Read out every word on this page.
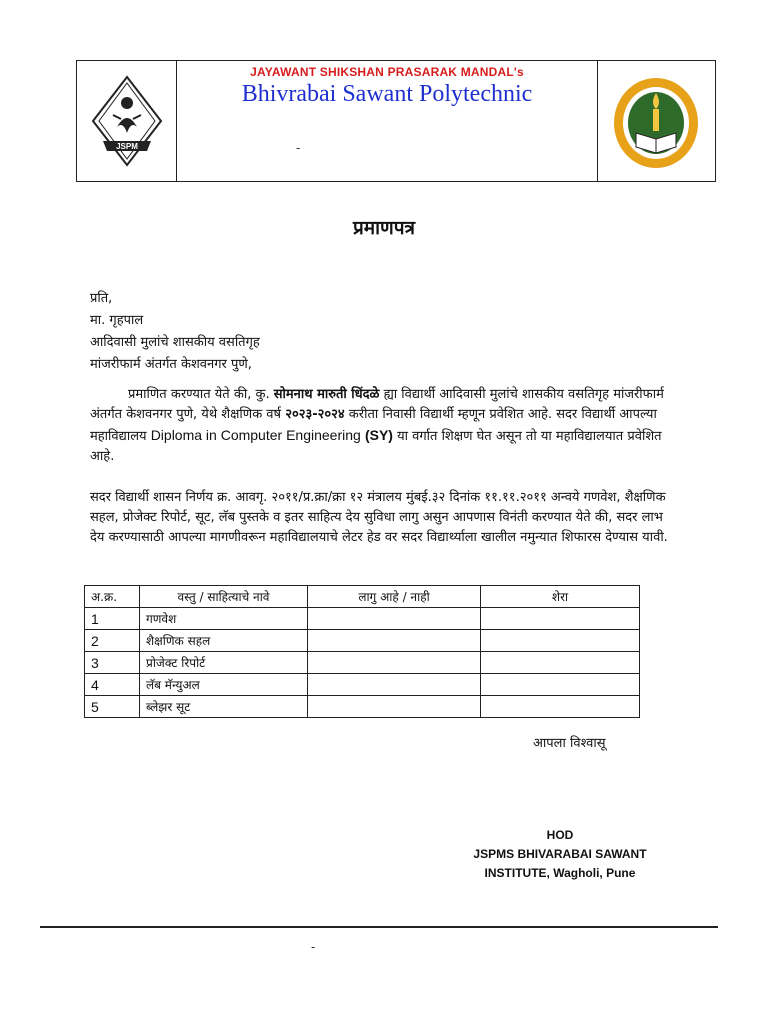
JSPM
JAYAWANT SHIKSHAN PRASARAK MANDAL's
Bhivrabai Sawant Polytechnic
-
प्रमाणपत्र
प्रति,
मा. गृहपाल
आदिवासी मुलांचे शासकीय वसतिगृह
मांजरीफार्म अंतर्गत केशवनगर पुणे,
प्रमाणित करण्यात येते की, कु. सोमनाथ मारुती धिंदळे ह्या विद्यार्थी आदिवासी मुलांचे शासकीय वसतिगृह मांजरीफार्म अंतर्गत केशवनगर पुणे, येथे शैक्षणिक वर्ष २०२३-२०२४ करीता निवासी विद्यार्थी म्हणून प्रवेशित आहे. सदर विद्यार्थी आपल्या महाविद्यालय Diploma in Computer Engineering (SY) या वर्गात शिक्षण घेत असून तो या महाविद्यालयात प्रवेशित आहे.
सदर विद्यार्थी शासन निर्णय क्र. आवगृ. २०११/प्र.क्रा/क्रा १२ मंत्रालय मुंबई.३२ दिनांक ११.११.२०११ अन्वये गणवेश, शैक्षणिक सहल, प्रोजेक्ट रिपोर्ट, सूट, लॅब पुस्तके व इतर साहित्य देय सुविधा लागु असुन आपणास विनंती करण्यात येते की, सदर लाभ देय करण्यासाठी आपल्या मागणीवरून महाविद्यालयाचे लेटर हेड वर सदर विद्यार्थ्याला खालील नमुन्यात शिफारस देण्यास यावी.
अ.क्र.	वस्तु / साहित्याचे नावे	लागु आहे / नाही	शेरा
1	गणवेश		
2	शैक्षणिक सहल		
3	प्रोजेक्ट रिपोर्ट		
4	लॅब मॅन्युअल		
5	ब्लेझर सूट		
आपला विश्वासू
HOD
JSPMS BHIVARABAI SAWANT
INSTITUTE, Wagholi, Pune
-
